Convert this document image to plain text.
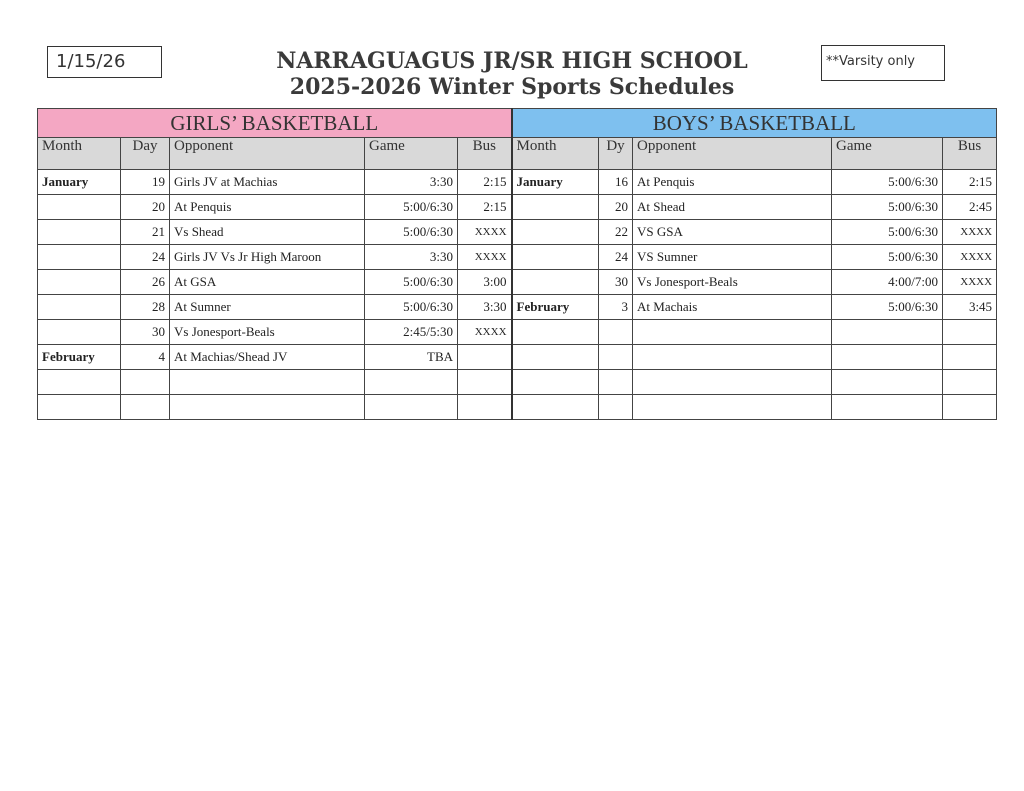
1/15/26	NARRAGUAGUS JR/SR HIGH SCHOOL
2025-2026 Winter Sports Schedules
**Varsity only
GIRLS’ BASKETBALL					BOYS’ BASKETBALL				
Month	Day	Opponent	Game	Bus	Month	Dy	Opponent	Game	Bus
January	19	Girls JV at Machias	3:30	2:15	January	16	At Penquis	5:00/6:30	2:15
	20	At Penquis	5:00/6:30	2:15		20	At Shead	5:00/6:30	2:45
	21	Vs Shead	5:00/6:30	XXXX		22	VS GSA	5:00/6:30	XXXX
	24	Girls JV Vs Jr High Maroon	3:30	XXXX		24	VS Sumner	5:00/6:30	XXXX
	26	At GSA	5:00/6:30	3:00		30	Vs Jonesport-Beals	4:00/7:00	XXXX
	28	At Sumner	5:00/6:30	3:30	February	3	At Machais	5:00/6:30	3:45
	30	Vs Jonesport-Beals	2:45/5:30	XXXX					
February	4	At Machias/Shead JV	TBA						
